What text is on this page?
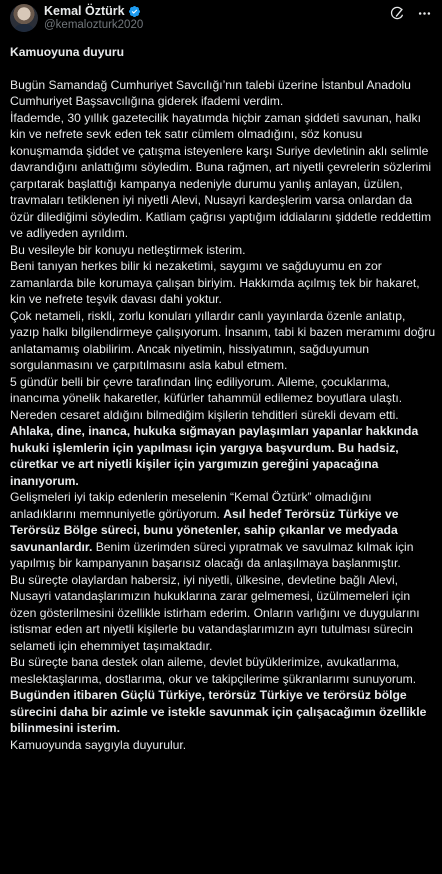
Kemal Öztürk
@kemalozturk2020

Kamuoyuna duyuru

Bugün Samandağ Cumhuriyet Savcılığı’nın talebi üzerine İstanbul Anadolu Cumhuriyet Başsavcılığına giderek ifademi verdim.

İfademde, 30 yıllık gazetecilik hayatımda hiçbir zaman şiddeti savunan, halkı kin ve nefrete sevk eden tek satır cümlem olmadığını, söz konusu konuşmamda şiddet ve çatışma isteyenlere karşı Suriye devletinin aklı selimle davrandığını anlattığımı söyledim. Buna rağmen, art niyetli çevrelerin sözlerimi çarpıtarak başlattığı kampanya nedeniyle durumu yanlış anlayan, üzülen, travmaları tetiklenen iyi niyetli Alevi, Nusayri kardeşlerim varsa onlardan da özür dilediğimi söyledim. Katliam çağrısı yaptığım iddialarını şiddetle reddettim ve adliyeden ayrıldım.

Bu vesileyle bir konuyu netleştirmek isterim.

Beni tanıyan herkes bilir ki nezaketimi, saygımı ve sağduyumu en zor zamanlarda bile korumaya çalışan biriyim. Hakkımda açılmış tek bir hakaret, kin ve nefrete teşvik davası dahi yoktur.

Çok netameli, riskli, zorlu konuları yıllardır canlı yayınlarda özenle anlatıp, yazıp halkı bilgilendirmeye çalışıyorum. İnsanım, tabi ki bazen meramımı doğru anlatamamış olabilirim. Ancak niyetimin, hissiyatımın, sağduyumun sorgulanmasını ve çarpıtılmasını asla kabul etmem.

5 gündür belli bir çevre tarafından linç ediliyorum. Aileme, çocuklarıma, inancıma yönelik hakaretler, küfürler tahammül edilemez boyutlara ulaştı. Nereden cesaret aldığını bilmediğim kişilerin tehditleri sürekli devam etti.

Ahlaka, dine, inanca, hukuka sığmayan paylaşımları yapanlar hakkında hukuki işlemlerin için yapılması için yargıya başvurdum. Bu hadsiz, cüretkar ve art niyetli kişiler için yargımızın gereğini yapacağına inanıyorum.

Gelişmeleri iyi takip edenlerin meselenin “Kemal Öztürk” olmadığını anladıklarını memnuniyetle görüyorum. Asıl hedef Terörsüz Türkiye ve Terörsüz Bölge süreci, bunu yönetenler, sahip çıkanlar ve medyada savunanlardır. Benim üzerimden süreci yıpratmak ve savulmaz kılmak için yapılmış bir kampanyanın başarısız olacağı da anlaşılmaya başlanmıştır.

Bu süreçte olaylardan habersiz, iyi niyetli, ülkesine, devletine bağlı Alevi, Nusayri vatandaşlarımızın hukuklarına zarar gelmemesi, üzülmemeleri için özen gösterilmesini özellikle istirham ederim. Onların varlığını ve duygularını istismar eden art niyetli kişilerle bu vatandaşlarımızın ayrı tutulması sürecin selameti için ehemmiyet taşımaktadır.

Bu süreçte bana destek olan aileme, devlet büyüklerimize, avukatlarıma, meslektaşlarıma, dostlarıma, okur ve takipçilerime şükranlarımı sunuyorum.

Bugünden itibaren Güçlü Türkiye, terörsüz Türkiye ve terörsüz bölge sürecini daha bir azimle ve istekle savunmak için çalışacağımın özellikle bilinmesini isterim.

Kamuoyunda saygıyla duyurulur.
